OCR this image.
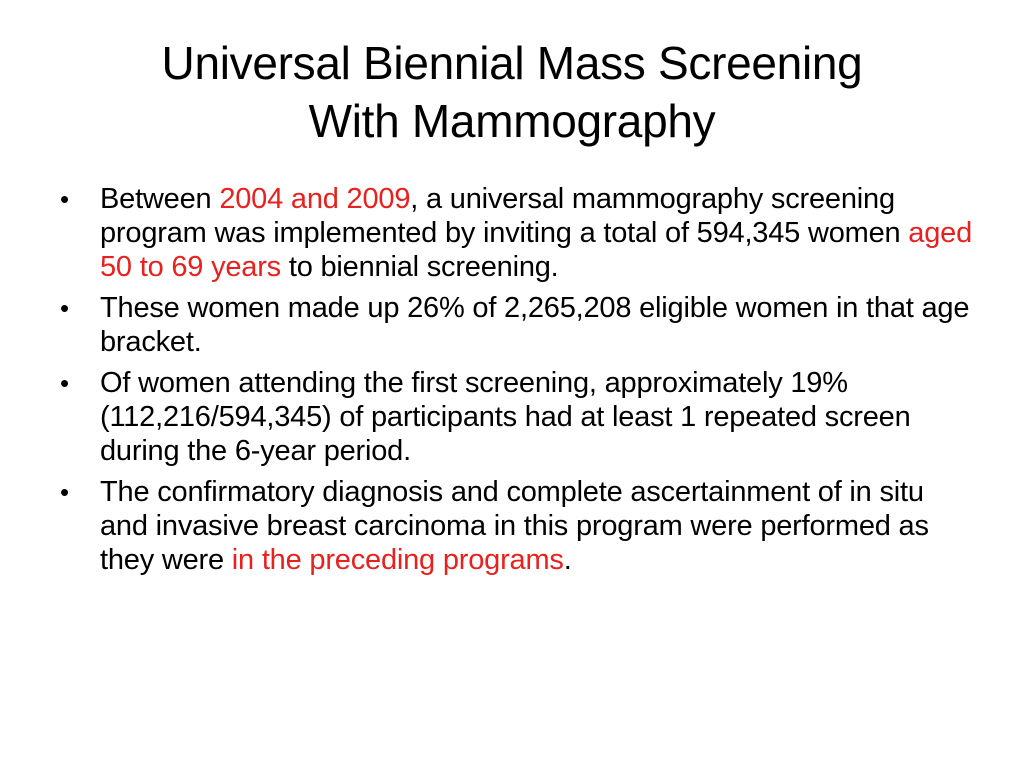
Universal Biennial Mass Screening
With Mammography
• Between 2004 and 2009, a universal mammography screening program was implemented by inviting a total of 594,345 women aged 50 to 69 years to biennial screening.
• These women made up 26% of 2,265,208 eligible women in that age bracket.
• Of women attending the first screening, approximately 19% (112,216/594,345) of participants had at least 1 repeated screen during the 6-year period.
• The confirmatory diagnosis and complete ascertainment of in situ and invasive breast carcinoma in this program were performed as they were in the preceding programs.
